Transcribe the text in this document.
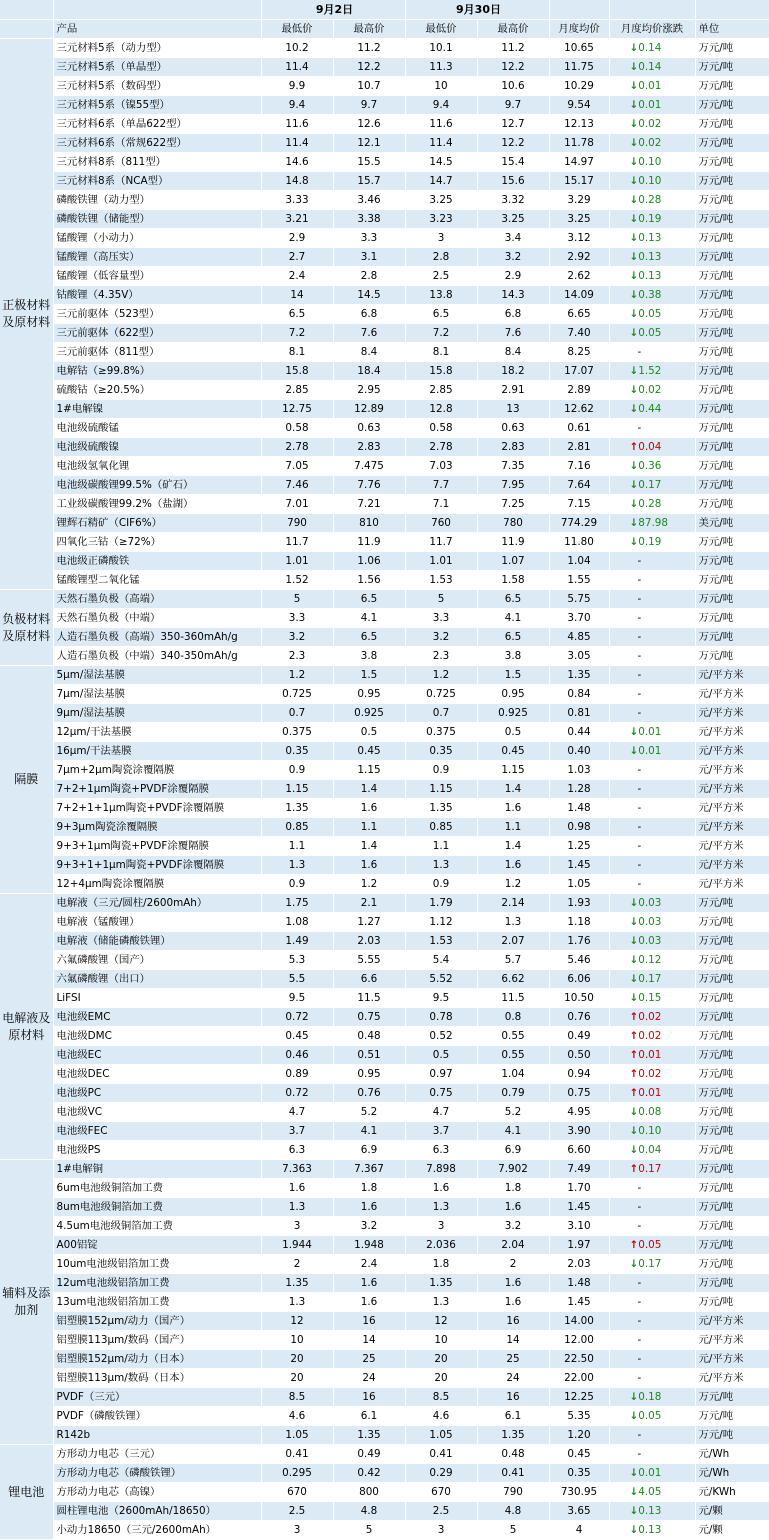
		9月2日		9月30日				
	产品	最低价	最高价	最低价	最高价	月度均价	月度均价涨跌	单位
正极材料及原材料	三元材料5系（动力型）	10.2	11.2	10.1	11.2	10.65	↓0.14	万元/吨
	三元材料5系（单晶型）	11.4	12.2	11.3	12.2	11.75	↓0.14	万元/吨
	三元材料5系（数码型）	9.9	10.7	10	10.6	10.29	↓0.01	万元/吨
	三元材料5系（镍55型）	9.4	9.7	9.4	9.7	9.54	↓0.01	万元/吨
	三元材料6系（单晶622型）	11.6	12.6	11.6	12.7	12.13	↓0.02	万元/吨
	三元材料6系（常规622型）	11.4	12.1	11.4	12.2	11.78	↓0.02	万元/吨
	三元材料8系（811型）	14.6	15.5	14.5	15.4	14.97	↓0.10	万元/吨
	三元材料8系（NCA型）	14.8	15.7	14.7	15.6	15.17	↓0.10	万元/吨
	磷酸铁锂（动力型）	3.33	3.46	3.25	3.32	3.29	↓0.28	万元/吨
	磷酸铁锂（储能型）	3.21	3.38	3.23	3.25	3.25	↓0.19	万元/吨
	锰酸锂（小动力）	2.9	3.3	3	3.4	3.12	↓0.13	万元/吨
	锰酸锂（高压实）	2.7	3.1	2.8	3.2	2.92	↓0.13	万元/吨
	锰酸锂（低容量型）	2.4	2.8	2.5	2.9	2.62	↓0.13	万元/吨
	钴酸锂（4.35V）	14	14.5	13.8	14.3	14.09	↓0.38	万元/吨
	三元前驱体（523型）	6.5	6.8	6.5	6.8	6.65	↓0.05	万元/吨
	三元前驱体（622型）	7.2	7.6	7.2	7.6	7.40	↓0.05	万元/吨
	三元前驱体（811型）	8.1	8.4	8.1	8.4	8.25	-	万元/吨
	电解钴（≥99.8%）	15.8	18.4	15.8	18.2	17.07	↓1.52	万元/吨
	硫酸钴（≥20.5%）	2.85	2.95	2.85	2.91	2.89	↓0.02	万元/吨
	1#电解镍	12.75	12.89	12.8	13	12.62	↓0.44	万元/吨
	电池级硫酸锰	0.58	0.63	0.58	0.63	0.61	-	万元/吨
	电池级硫酸镍	2.78	2.83	2.78	2.83	2.81	↑0.04	万元/吨
	电池级氢氧化锂	7.05	7.475	7.03	7.35	7.16	↓0.36	万元/吨
	电池级碳酸锂99.5%（矿石）	7.46	7.76	7.7	7.95	7.64	↓0.17	万元/吨
	工业级碳酸锂99.2%（盐湖）	7.01	7.21	7.1	7.25	7.15	↓0.28	万元/吨
	锂辉石精矿（CIF6%）	790	810	760	780	774.29	↓87.98	美元/吨
	四氧化三钴（≥72%）	11.7	11.9	11.7	11.9	11.80	↓0.19	万元/吨
	电池级正磷酸铁	1.01	1.06	1.01	1.07	1.04	-	万元/吨
	锰酸锂型二氧化锰	1.52	1.56	1.53	1.58	1.55	-	万元/吨
负极材料及原材料	天然石墨负极（高端）	5	6.5	5	6.5	5.75	-	万元/吨
	天然石墨负极（中端）	3.3	4.1	3.3	4.1	3.70	-	万元/吨
	人造石墨负极（高端）350-360mAh/g	3.2	6.5	3.2	6.5	4.85	-	万元/吨
	人造石墨负极（中端）340-350mAh/g	2.3	3.8	2.3	3.8	3.05	-	万元/吨
隔膜	5μm/湿法基膜	1.2	1.5	1.2	1.5	1.35	-	元/平方米
	7μm/湿法基膜	0.725	0.95	0.725	0.95	0.84	-	元/平方米
	9μm/湿法基膜	0.7	0.925	0.7	0.925	0.81	-	元/平方米
	12μm/干法基膜	0.375	0.5	0.375	0.5	0.44	↓0.01	元/平方米
	16μm/干法基膜	0.35	0.45	0.35	0.45	0.40	↓0.01	元/平方米
	7μm+2μm陶瓷涂覆隔膜	0.9	1.15	0.9	1.15	1.03	-	元/平方米
	7+2+1μm陶瓷+PVDF涂覆隔膜	1.15	1.4	1.15	1.4	1.28	-	元/平方米
	7+2+1+1μm陶瓷+PVDF涂覆隔膜	1.35	1.6	1.35	1.6	1.48	-	元/平方米
	9+3μm陶瓷涂覆隔膜	0.85	1.1	0.85	1.1	0.98	-	元/平方米
	9+3+1μm陶瓷+PVDF涂覆隔膜	1.1	1.4	1.1	1.4	1.25	-	元/平方米
	9+3+1+1μm陶瓷+PVDF涂覆隔膜	1.3	1.6	1.3	1.6	1.45	-	元/平方米
	12+4μm陶瓷涂覆隔膜	0.9	1.2	0.9	1.2	1.05	-	元/平方米
电解液及原材料	电解液（三元/圆柱/2600mAh）	1.75	2.1	1.79	2.14	1.93	↓0.03	万元/吨
	电解液（锰酸锂）	1.08	1.27	1.12	1.3	1.18	↓0.03	万元/吨
	电解液（储能磷酸铁锂）	1.49	2.03	1.53	2.07	1.76	↓0.03	万元/吨
	六氟磷酸锂（国产）	5.3	5.55	5.4	5.7	5.46	↓0.12	万元/吨
	六氟磷酸锂（出口）	5.5	6.6	5.52	6.62	6.06	↓0.17	万元/吨
	LiFSI	9.5	11.5	9.5	11.5	10.50	↓0.15	万元/吨
	电池级EMC	0.72	0.75	0.78	0.8	0.76	↑0.02	万元/吨
	电池级DMC	0.45	0.48	0.52	0.55	0.49	↑0.02	万元/吨
	电池级EC	0.46	0.51	0.5	0.55	0.50	↑0.01	万元/吨
	电池级DEC	0.89	0.95	0.97	1.04	0.94	↑0.02	万元/吨
	电池级PC	0.72	0.76	0.75	0.79	0.75	↑0.01	万元/吨
	电池级VC	4.7	5.2	4.7	5.2	4.95	↓0.08	万元/吨
	电池级FEC	3.7	4.1	3.7	4.1	3.90	↓0.10	万元/吨
	电池级PS	6.3	6.9	6.3	6.9	6.60	↓0.04	万元/吨
辅料及添加剂	1#电解铜	7.363	7.367	7.898	7.902	7.49	↑0.17	万元/吨
	6um电池级铜箔加工费	1.6	1.8	1.6	1.8	1.70	-	万元/吨
	8um电池级铜箔加工费	1.3	1.6	1.3	1.6	1.45	-	万元/吨
	4.5um电池级铜箔加工费	3	3.2	3	3.2	3.10	-	万元/吨
	A00铝锭	1.944	1.948	2.036	2.04	1.97	↑0.05	万元/吨
	10um电池级铝箔加工费	2	2.4	1.8	2	2.03	↓0.17	万元/吨
	12um电池级铝箔加工费	1.35	1.6	1.35	1.6	1.48	-	万元/吨
	13um电池级铝箔加工费	1.3	1.6	1.3	1.6	1.45	-	万元/吨
	铝塑膜152μm/动力（国产）	12	16	12	16	14.00	-	元/平方米
	铝塑膜113μm/数码（国产）	10	14	10	14	12.00	-	元/平方米
	铝塑膜152μm/动力（日本）	20	25	20	25	22.50	-	元/平方米
	铝塑膜113μm/数码（日本）	20	24	20	24	22.00	-	元/平方米
	PVDF（三元）	8.5	16	8.5	16	12.25	↓0.18	万元/吨
	PVDF（磷酸铁锂）	4.6	6.1	4.6	6.1	5.35	↓0.05	万元/吨
	R142b	1.05	1.35	1.05	1.35	1.20	-	万元/吨
锂电池	方形动力电芯（三元）	0.41	0.49	0.41	0.48	0.45	-	元/Wh
	方形动力电芯（磷酸铁锂）	0.295	0.42	0.29	0.41	0.35	↓0.01	元/Wh
	方形动力电芯（高镍）	670	800	670	790	730.95	↓4.05	元/KWh
	圆柱锂电池（2600mAh/18650）	2.5	4.8	2.5	4.8	3.65	↓0.13	元/颗
	小动力18650（三元/2600mAh）	3	5	3	5	4	↓0.13	元/颗
